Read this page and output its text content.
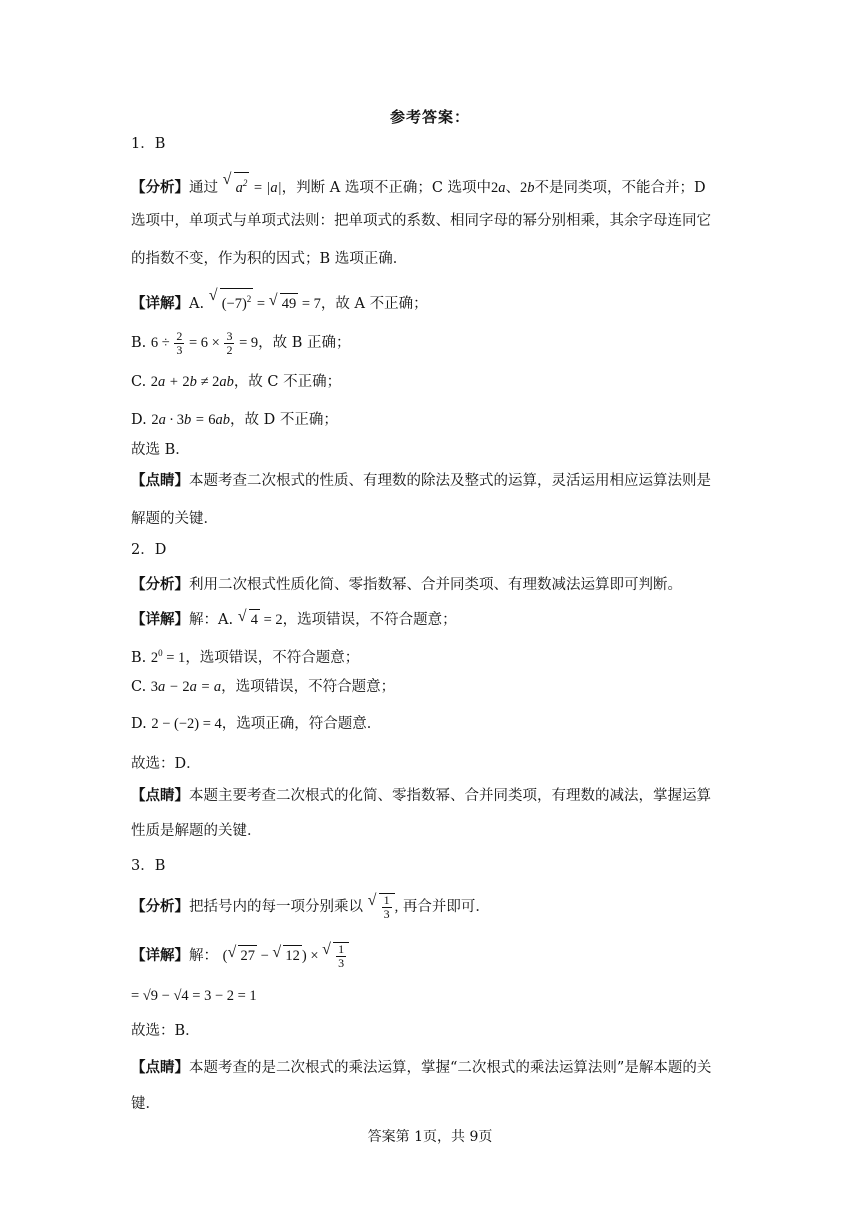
参考答案：
1．B
【分析】通过 √ $a^2 = |a|$，判断 A 选项不正确；C 选项中2a、2b不是同类项，不能合并；D
选项中，单项式与单项式法则：把单项式的系数、相同字母的幂分别相乘，其余字母连同它
的指数不变，作为积的因式；B 选项正确．
【详解】A. √ $(-7)^2$ = √ 49 = 7，故 A 不正确；
B. $6 \div \frac{2}{3} = 6 \times \frac{3}{2} = 9$，故 B 正确；
C. 2a + 2b ≠ 2ab，故 C 不正确；
D. 2a · 3b = 6ab，故 D 不正确；
故选 B．
【点睛】本题考查二次根式的性质、有理数的除法及整式的运算，灵活运用相应运算法则是
解题的关键．
2．D
【分析】利用二次根式性质化简、零指数幂、合并同类项、有理数减法运算即可判断。
【详解】解：A. √ 4 = 2，选项错误，不符合题意；
B. $2^0 = 1$，选项错误，不符合题意；
C. 3a − 2a = a，选项错误，不符合题意；
D. 2 − (−2) = 4，选项正确，符合题意．
故选：D．
【点睛】本题主要考查二次根式的化简、零指数幂、合并同类项，有理数的减法，掌握运算
性质是解题的关键．
3．B
【分析】把括号内的每一项分别乘以 √ $\frac{1}{3}$ , 再合并即可．
【详解】解： ( √ 27 − √ 12 ) × √ $\frac{1}{3}$
= √9 − √4 = 3 − 2 = 1
故选：B．
【点睛】本题考查的是二次根式的乘法运算，掌握“二次根式的乘法运算法则”是解本题的关
键．
答案第 1页，共 9页
